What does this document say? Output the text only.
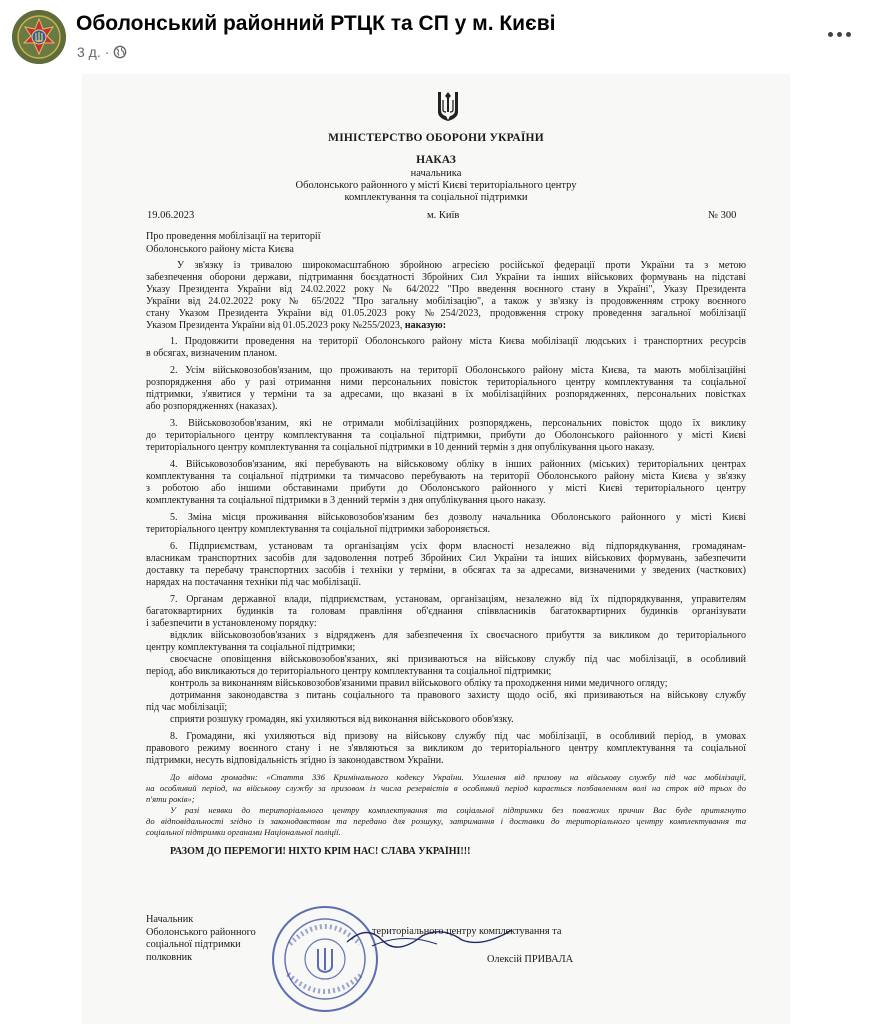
Оболонський районний РТЦК та СП у м. Києві
3 д. ·
МІНІСТЕРСТВО ОБОРОНИ УКРАЇНИ
НАКАЗ
начальника
Оболонського районного у місті Києві територіального центру
комплектування та соціальної підтримки
19.06.2023	м. Київ	№ 300
Про проведення мобілізації на території
Оболонського району міста Києва
У зв'язку із тривалою широкомасштабною збройною агресією російської федерації проти України та з метою
забезпечення оборони держави, підтримання боєздатності Збройних Сил України та інших військових формувань на підставі
Указу Президента України від 24.02.2022 року № 64/2022 "Про введення воєнного стану в Україні", Указу Президента
України від 24.02.2022 року № 65/2022 "Про загальну мобілізацію", а також у зв'язку із продовженням строку воєнного
стану Указом Президента України від 01.05.2023 року №254/2023, продовження строку проведення загальної мобілізації
Указом Президента України від 01.05.2023 року №255/2023, наказую:
1. Продовжити проведення на території Оболонського району міста Києва мобілізації людських і транспортних ресурсів
в обсягах, визначеним планом.
2. Усім військовозобов'язаним, що проживають на території Оболонського району міста Києва, та мають мобілізаційні
розпорядження або у разі отримання ними персональних повісток територіального центру комплектування та соціальної
підтримки, з'явитися у терміни та за адресами, що вказані в їх мобілізаційних розпорядженнях, персональних повістках
або розпорядженнях (наказах).
3. Військовозобов'язаним, які не отримали мобілізаційних розпоряджень, персональних повісток щодо їх виклику
до територіального центру комплектування та соціальної підтримки, прибути до Оболонського районного у місті Києві
територіального центру комплектування та соціальної підтримки в 10 денний термін з дня опублікування цього наказу.
4. Військовозобов'язаним, які перебувають на військовому обліку в інших районних (міських) територіальних центрах
комплектування та соціальної підтримки та тимчасово перебувають на території Оболонського району міста Києва у зв'язку
з роботою або іншими обставинами прибути до Оболонського районного у місті Києві територіального центру
комплектування та соціальної підтримки в 3 денний термін з дня опублікування цього наказу.
5. Зміна місця проживання військовозобов'язаним без дозволу начальника Оболонського районного у місті Києві
територіального центру комплектування та соціальної підтримки забороняється.
6. Підприємствам, установам та організаціям усіх форм власності незалежно від підпорядкування, громадянам-
власникам транспортних засобів для задоволення потреб Збройних Сил України та інших військових формувань, забезпечити
доставку та перебачу транспортних засобів і техніки у терміни, в обсягах та за адресами, визначеними у зведених (часткових)
нарядах на постачання техніки під час мобілізації.
7. Органам державної влади, підприємствам, установам, організаціям, незалежно від їх підпорядкування, управителям
багатоквартирних будинків та головам правління об'єднання співвласників багатоквартирних будинків організувати
і забезпечити в установленому порядку:
відклик військовозобов'язаних з відрядженъ для забезпечення їх своєчасного прибуття за викликом до територіального
центру комплектування та соціальної підтримки;
своєчасне оповіщення військовозобов'язаних, які призиваються на військову службу під час мобілізації, в особливий
період, або викликаються до територіального центру комплектування та соціальної підтримки;
контроль за виконанням військовозобов'язаними правил військового обліку та проходження ними медичного огляду;
дотримання законодавства з питань соціального та правового захисту щодо осіб, які призиваються на військову службу
під час мобілізації;
сприяти розшуку громадян, які ухиляються від виконання військового обов'язку.
8. Громадяни, які ухиляються від призову на військову службу під час мобілізації, в особливий період, в умовах
правового режиму воєнного стану і не з'являються за викликом до територіального центру комплектування та соціальної
підтримки, несуть відповідальність згідно із законодавством України.
До відома громадян: «Стаття 336 Кримінального кодексу України. Ухилення від призову на військову службу під час мобілізації,
на особливий період, на військову службу за призовом із числа резервістів в особливий період карається позбавленням волі на строк від трьох до
п'яти років»;
У разі неявки до територіального центру комплектування та соціальної підтримки без поважних причин Вас буде притягнуто
до відповідальності згідно із законодавством та передано для розшуку, затримання і доставки до територіального центру комплектування та
соціальної підтримки органами Національної поліції.
РАЗОМ ДО ПЕРЕМОГИ! НІХТО КРІМ НАС! СЛАВА УКРАЇНІ!!!
Начальник
Оболонського районного
соціальної підтримки
полковник
територіального центру комплектування та
Олексій ПРИВАЛА
